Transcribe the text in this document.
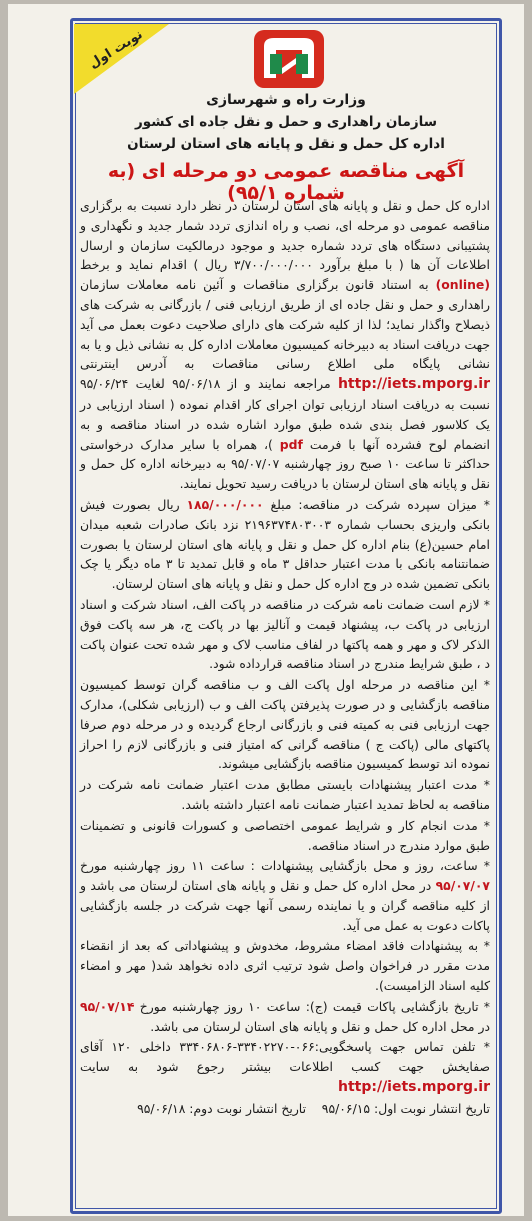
نوبت اول
وزارت راه و شهرسازی
سازمان راهداری و حمل و نقل جاده ای کشور
اداره کل حمل و نقل و پایانه های استان لرستان
آگهی مناقصه عمومی دو مرحله ای (به شماره ۹۵/۱)

اداره کل حمل و نقل و پایانه های استان لرستان در نظر دارد نسبت به برگزاری مناقصه عمومی دو مرحله ای، نصب و راه اندازی تردد شمار جدید و نگهداری و پشتیبانی دستگاه های تردد شماره جدید و موجود درمالکیت سازمان و ارسال اطلاعات آن ها ( با مبلغ برآورد ۳/۷۰۰/۰۰۰/۰۰۰ ریال ) اقدام نماید و برخط (online) به استناد قانون برگزاری مناقصات و آئین نامه معاملات سازمان راهداری و حمل و نقل جاده ای از طریق ارزیابی فنی / بازرگانی به شرکت های ذیصلاح واگذار نماید؛ لذا از کلیه شرکت های دارای صلاحیت دعوت بعمل می آید جهت دریافت اسناد به دبیرخانه کمیسیون معاملات اداره کل به نشانی ذیل و یا به نشانی پایگاه ملی اطلاع رسانی مناقصات به آدرس اینترنتی http://iets.mporg.ir مراجعه نمایند و از ۹۵/۰۶/۱۸ لغایت ۹۵/۰۶/۲۴ نسبت به دریافت اسناد ارزیابی توان اجرای کار اقدام نموده ( اسناد ارزیابی در یک کلاسور فصل بندی شده طبق موارد اشاره شده در اسناد مناقصه و به انضمام لوح فشرده آنها با فرمت pdf )، همراه با سایر مدارک درخواستی حداکثر تا ساعت ۱۰ صبح روز چهارشنبه ۹۵/۰۷/۰۷ به دبیرخانه اداره کل حمل و نقل و پایانه های استان لرستان با دریافت رسید تحویل نمایند.

* میزان سپرده شرکت در مناقصه: مبلغ ۱۸۵/۰۰۰/۰۰۰ ریال بصورت فیش بانکی واریزی بحساب شماره ۲۱۹۶۳۷۴۸۰۳۰۰۳ نزد بانک صادرات شعبه میدان امام حسین(ع) بنام اداره کل حمل و نقل و پایانه های استان لرستان یا بصورت ضمانتنامه بانکی با مدت اعتبار حداقل ۳ ماه و قابل تمدید تا ۳ ماه دیگر یا چک بانکی تضمین شده در وج اداره کل حمل و نقل و پایانه های استان لرستان.

* لازم است ضمانت نامه شرکت در مناقصه در پاکت الف، اسناد شرکت و اسناد ارزیابی در پاکت ب، پیشنهاد قیمت و آنالیز بها در پاکت ج، هر سه پاکت فوق الذکر لاک و مهر و همه پاکتها در لفاف مناسب لاک و مهر شده تحت عنوان پاکت د ، طبق شرایط مندرج در اسناد مناقصه قرارداده شود.

* این مناقصه در مرحله اول پاکت الف و ب مناقصه گران توسط کمیسیون مناقصه بازگشایی و در صورت پذیرفتن پاکت الف و ب (ارزیابی شکلی)، مدارک جهت ارزیابی فنی به کمیته فنی و بازرگانی ارجاع گردیده و در مرحله دوم صرفا پاکتهای مالی (پاکت ج ) مناقصه گرانی که امتیاز فنی و بازرگانی لازم را احراز نموده اند توسط کمیسیون مناقصه بازگشایی میشوند.

* مدت اعتبار پیشنهادات بایستی مطابق مدت اعتبار ضمانت نامه شرکت در مناقصه به لحاظ تمدید اعتبار ضمانت نامه اعتبار داشته باشد.

* مدت انجام کار و شرایط عمومی اختصاصی و کسورات قانونی و تضمینات طبق موارد مندرج در اسناد مناقصه.

* ساعت، روز و محل بازگشایی پیشنهادات : ساعت ۱۱ روز چهارشنبه مورخ ۹۵/۰۷/۰۷ در محل اداره کل حمل و نقل و پایانه های استان لرستان می باشد و از کلیه مناقصه گران و یا نماینده رسمی آنها جهت شرکت در جلسه بازگشایی پاکات دعوت به عمل می آید.

* به پیشنهادات فاقد امضاء مشروط، مخدوش و پیشنهاداتی که بعد از انقضاء مدت مقرر در فراخوان واصل شود ترتیب اثری داده نخواهد شد( مهر و امضاء کلیه اسناد الزامیست).

* تاریخ بازگشایی پاکات قیمت (ج): ساعت ۱۰ روز چهارشنبه مورخ ۹۵/۰۷/۱۴ در محل اداره کل حمل و نقل و پایانه های استان لرستان می باشد.

* تلفن تماس جهت پاسخگویی:۰۶۶-۳۳۴۰۲۲۷۰-۳۳۴۰۶۸۰۶ داخلی ۱۲۰ آقای صفایخش جهت کسب اطلاعات بیشتر رجوع شود به سایت http://iets.mporg.ir

تاریخ انتشار نوبت اول: ۹۵/۰۶/۱۵    تاریخ انتشار نوبت دوم: ۹۵/۰۶/۱۸
